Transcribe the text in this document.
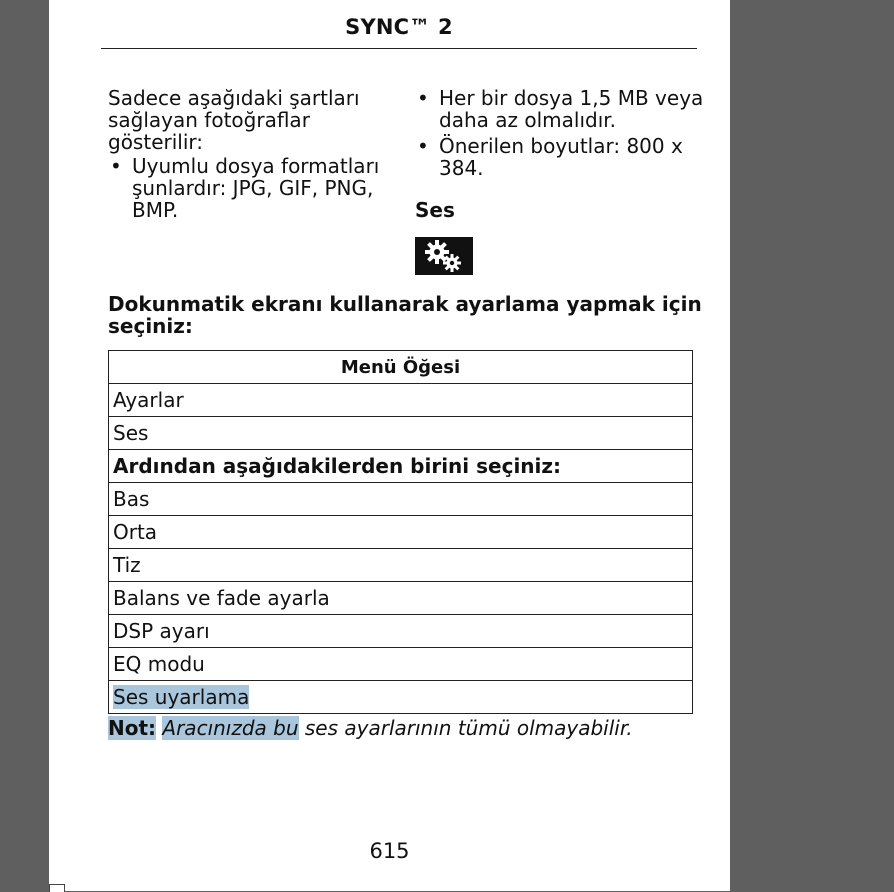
SYNC™ 2

Sadece aşağıdaki şartları sağlayan fotoğraflar gösterilir:

• Uyumlu dosya formatları şunlardır: JPG, GIF, PNG, BMP.
• Her bir dosya 1,5 MB veya daha az olmalıdır.
• Önerilen boyutlar: 800 x 384.
Ses
Dokunmatik ekranı kullanarak ayarlama yapmak için seçiniz:
Menü Öğesi
Ayarlar
Ses
Ardından aşağıdakilerden birini seçiniz:
Bas
Orta
Tiz
Balans ve fade ayarla
DSP ayarı
EQ modu
Ses uyarlama
Not: Aracınızda bu ses ayarlarının tümü olmayabilir.
615
